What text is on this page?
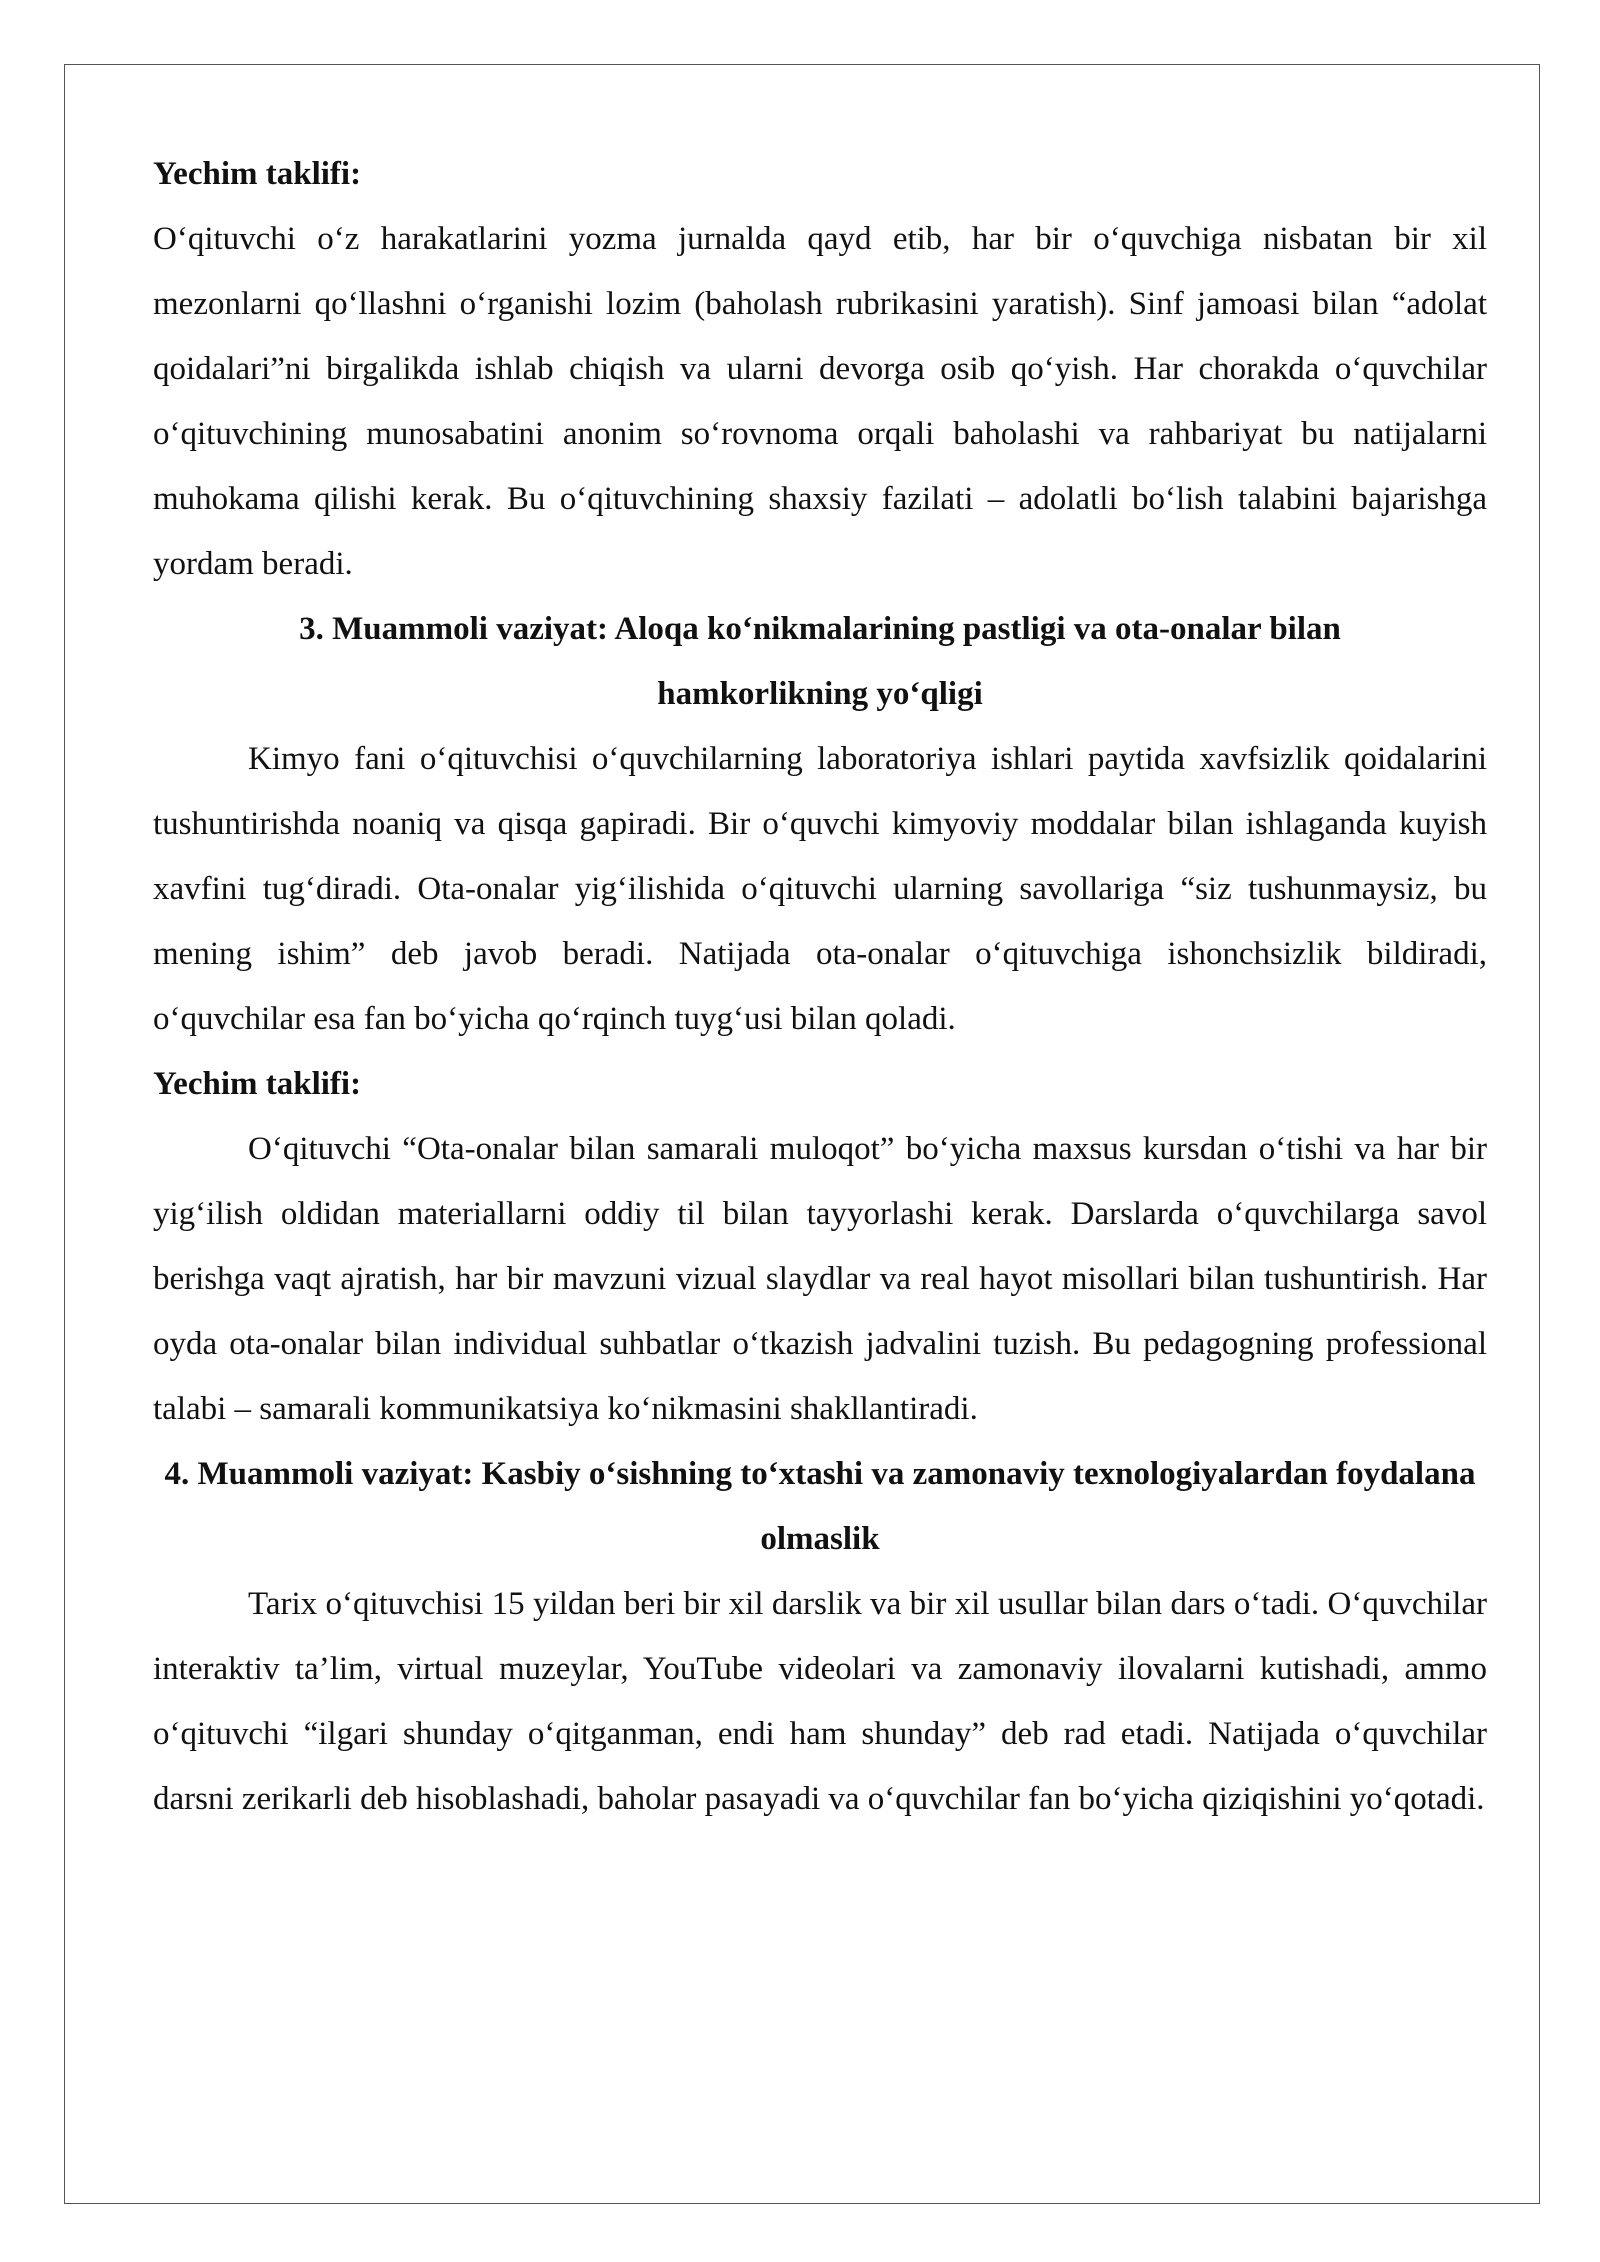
Yechim taklifi:

O‘qituvchi o‘z harakatlarini yozma jurnalda qayd etib, har bir o‘quvchiga nisbatan bir xil mezonlarni qo‘llashni o‘rganishi lozim (baholash rubrikasini yaratish). Sinf jamoasi bilan “adolat qoidalari”ni birgalikda ishlab chiqish va ularni devorga osib qo‘yish. Har chorakda o‘quvchilar o‘qituvchining munosabatini anonim so‘rovnoma orqali baholashi va rahbariyat bu natijalarni muhokama qilishi kerak. Bu o‘qituvchining shaxsiy fazilati – adolatli bo‘lish talabini bajarishga yordam beradi.

3. Muammoli vaziyat: Aloqa ko‘nikmalarining pastligi va ota-onalar bilan hamkorlikning yo‘qligi

Kimyo fani o‘qituvchisi o‘quvchilarning laboratoriya ishlari paytida xavfsizlik qoidalarini tushuntirishda noaniq va qisqa gapiradi. Bir o‘quvchi kimyoviy moddalar bilan ishlaganda kuyish xavfini tug‘diradi. Ota-onalar yig‘ilishida o‘qituvchi ularning savollariga “siz tushunmaysiz, bu mening ishim” deb javob beradi. Natijada ota-onalar o‘qituvchiga ishonchsizlik bildiradi, o‘quvchilar esa fan bo‘yicha qo‘rqinch tuyg‘usi bilan qoladi.

Yechim taklifi:

O‘qituvchi “Ota-onalar bilan samarali muloqot” bo‘yicha maxsus kursdan o‘tishi va har bir yig‘ilish oldidan materiallarni oddiy til bilan tayyorlashi kerak. Darslarda o‘quvchilarga savol berishga vaqt ajratish, har bir mavzuni vizual slaydlar va real hayot misollari bilan tushuntirish. Har oyda ota-onalar bilan individual suhbatlar o‘tkazish jadvalini tuzish. Bu pedagogning professional talabi – samarali kommunikatsiya ko‘nikmasini shakllantiradi.

4. Muammoli vaziyat: Kasbiy o‘sishning to‘xtashi va zamonaviy texnologiyalardan foydalana olmaslik

Tarix o‘qituvchisi 15 yildan beri bir xil darslik va bir xil usullar bilan dars o‘tadi. O‘quvchilar interaktiv ta’lim, virtual muzeylar, YouTube videolari va zamonaviy ilovalarni kutishadi, ammo o‘qituvchi “ilgari shunday o‘qitganman, endi ham shunday” deb rad etadi. Natijada o‘quvchilar darsni zerikarli deb hisoblashadi, baholar pasayadi va o‘quvchilar fan bo‘yicha qiziqishini yo‘qotadi.
